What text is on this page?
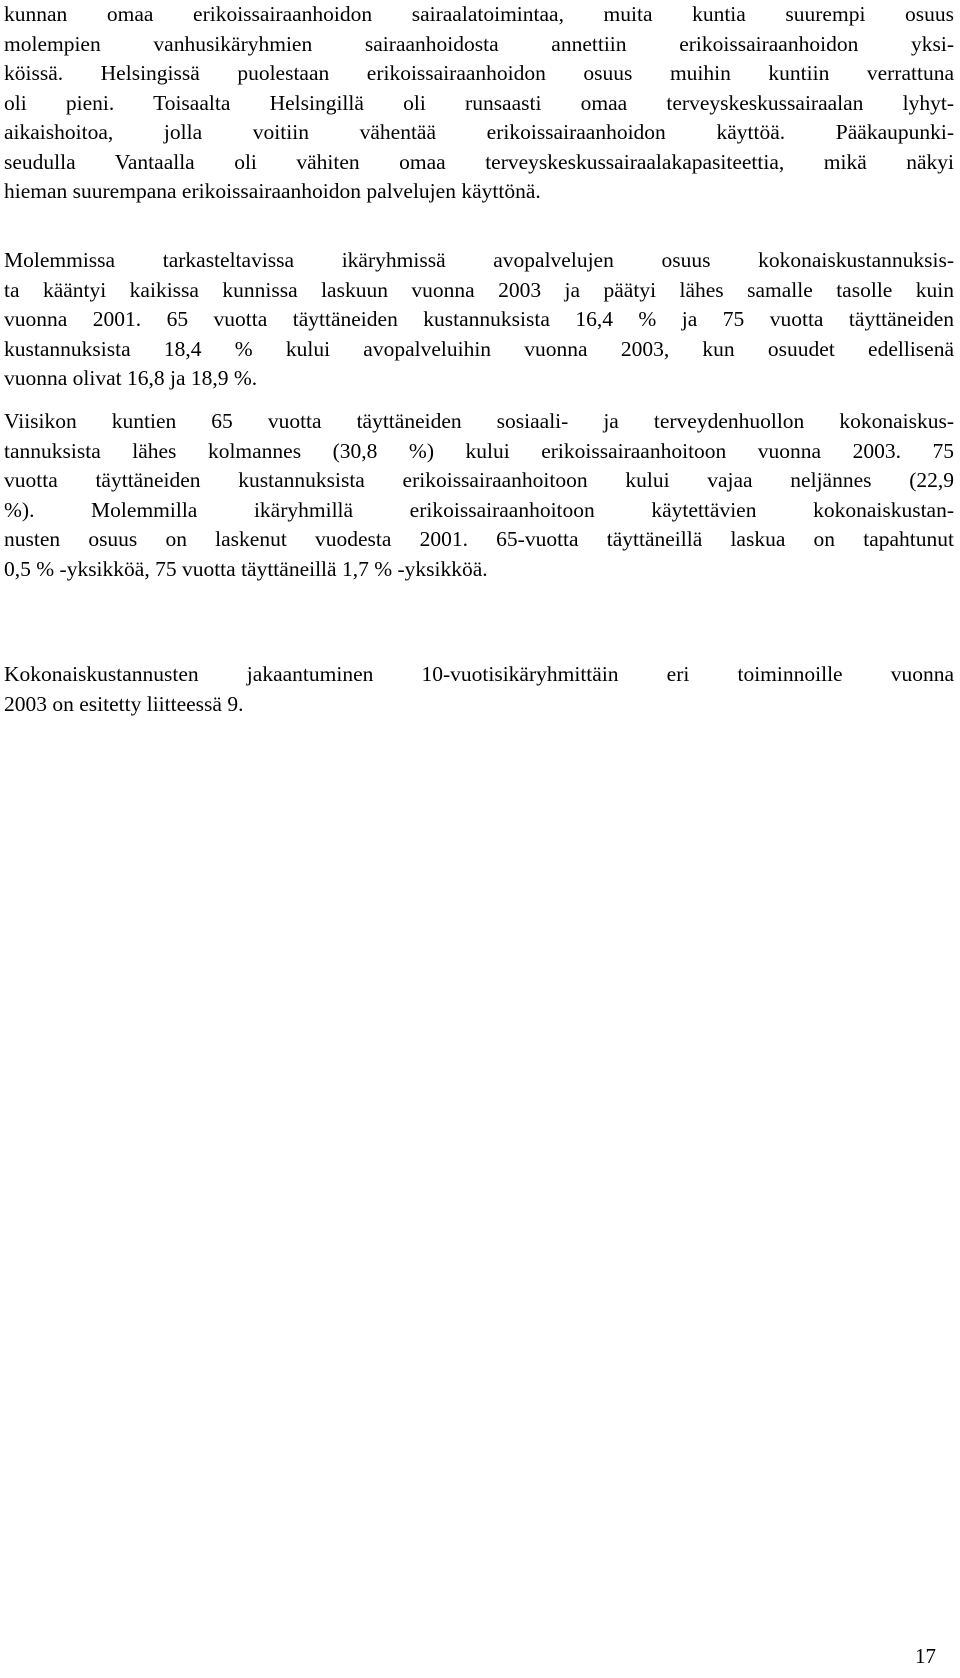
kunnan omaa erikoissairaanhoidon sairaalatoimintaa, muita kuntia suurempi osuus
molempien vanhusikäryhmien sairaanhoidosta annettiin erikoissairaanhoidon yksi-
köissä. Helsingissä puolestaan erikoissairaanhoidon osuus muihin kuntiin verrattuna
oli pieni. Toisaalta Helsingillä oli runsaasti omaa terveyskeskussairaalan lyhyt-
aikaishoitoa, jolla voitiin vähentää erikoissairaanhoidon käyttöä. Pääkaupunki-
seudulla Vantaalla oli vähiten omaa terveyskeskussairaalakapasiteettia, mikä näkyi
hieman suurempana erikoissairaanhoidon palvelujen käyttönä.

Molemmissa tarkasteltavissa ikäryhmissä avopalvelujen osuus kokonaiskustannuksis-
ta kääntyi kaikissa kunnissa laskuun vuonna 2003 ja päätyi lähes samalle tasolle kuin
vuonna 2001. 65 vuotta täyttäneiden kustannuksista 16,4 % ja 75 vuotta täyttäneiden
kustannuksista 18,4 % kului avopalveluihin vuonna 2003, kun osuudet edellisenä
vuonna olivat 16,8 ja 18,9 %.

Viisikon kuntien 65 vuotta täyttäneiden sosiaali- ja terveydenhuollon kokonaiskus-
tannuksista lähes kolmannes (30,8 %) kului erikoissairaanhoitoon vuonna 2003. 75
vuotta täyttäneiden kustannuksista erikoissairaanhoitoon kului vajaa neljännes (22,9
%). Molemmilla ikäryhmillä erikoissairaanhoitoon käytettävien kokonaiskustan-
nusten osuus on laskenut vuodesta 2001. 65-vuotta täyttäneillä laskua on tapahtunut
0,5 % -yksikköä, 75 vuotta täyttäneillä 1,7 % -yksikköä.

Kokonaiskustannusten jakaantuminen 10-vuotisikäryhmittäin eri toiminnoille vuonna
2003 on esitetty liitteessä 9.

17
